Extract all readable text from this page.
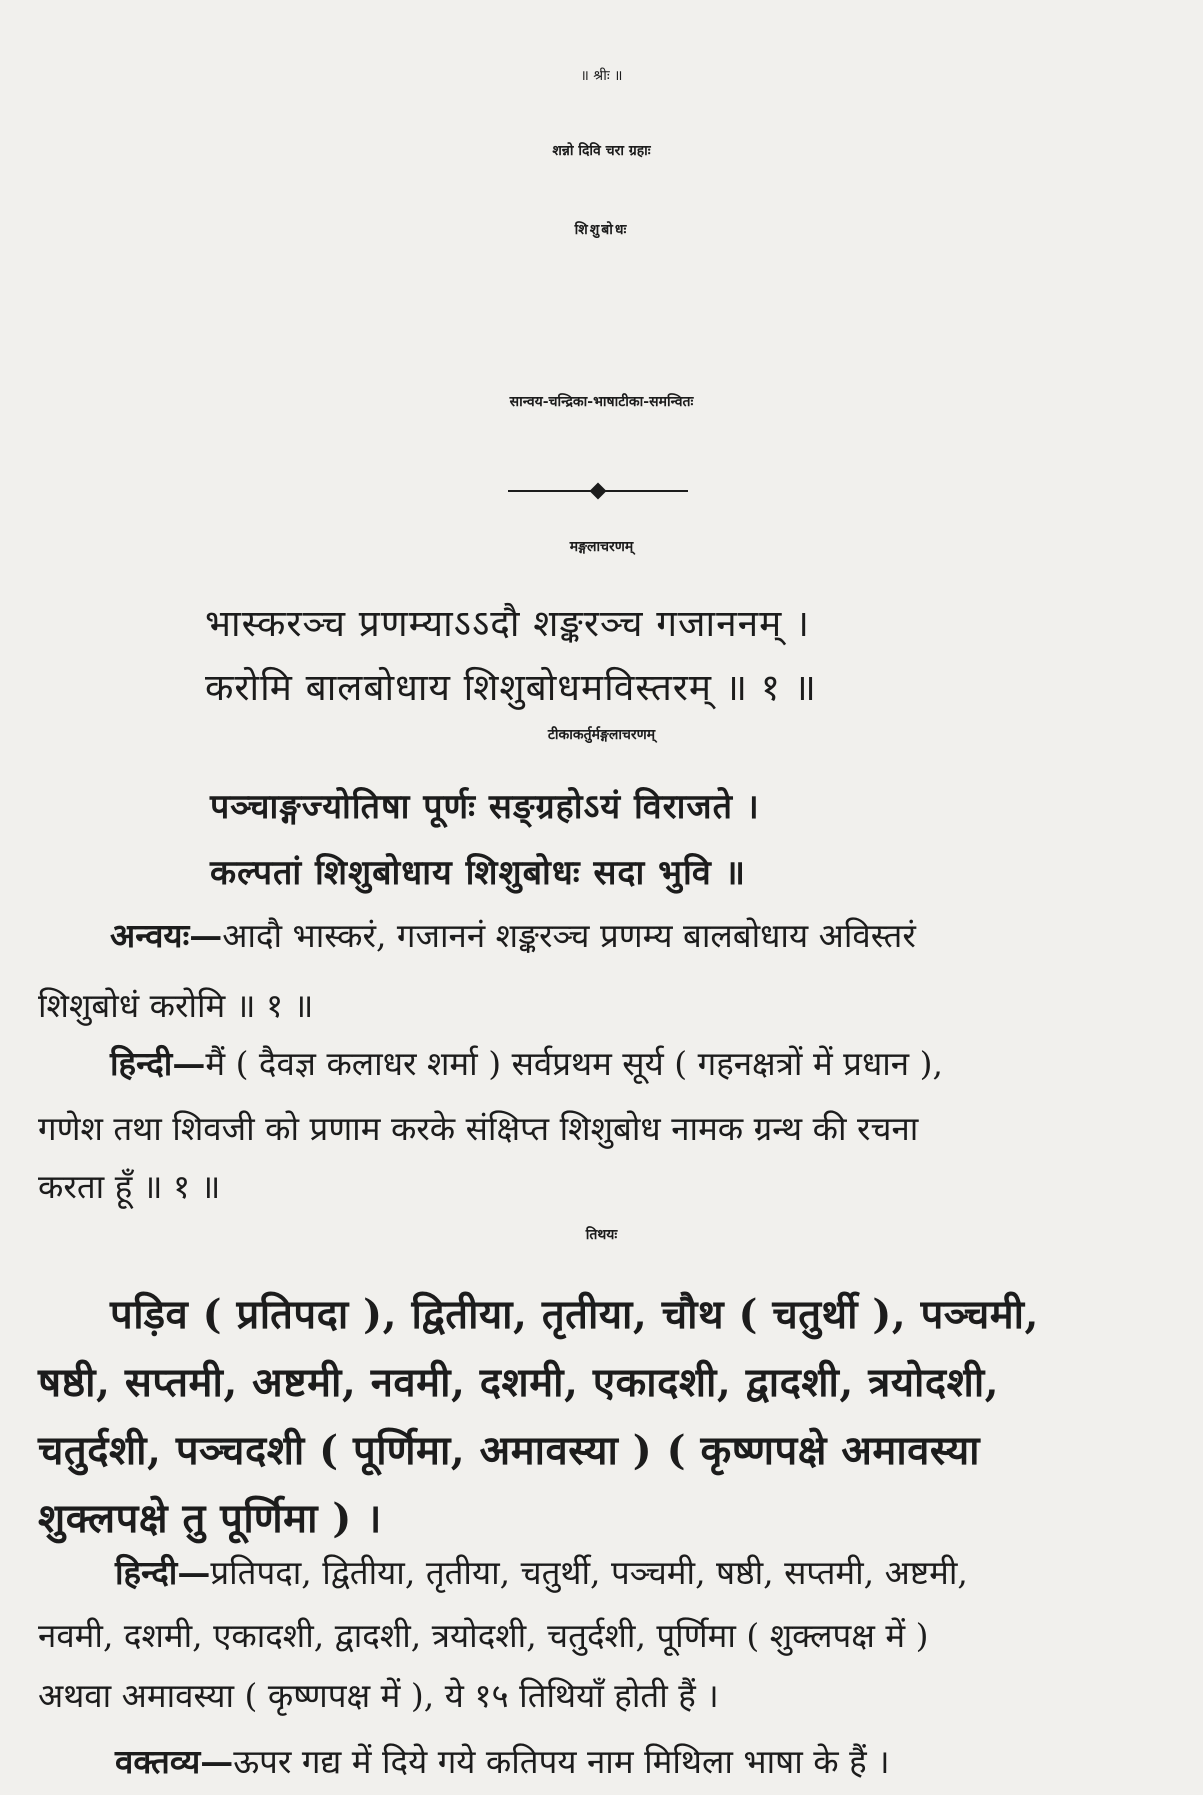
॥ श्रीः ॥
शन्नो दिवि चरा ग्रहाः
शिशुबोधः
सान्वय-चन्द्रिका-भाषाटीका-समन्वितः
मङ्गलाचरणम्
भास्करञ्च प्रणम्याऽऽदौ शङ्करञ्च गजाननम् ।
करोमि बालबोधाय शिशुबोधमविस्तरम् ॥ १ ॥
टीकाकर्तुर्मङ्गलाचरणम्
पञ्चाङ्गज्योतिषा पूर्णः सङ्ग्रहोऽयं विराजते ।
कल्पतां शिशुबोधाय शिशुबोधः सदा भुवि ॥
अन्वयः—आदौ भास्करं, गजाननं शङ्करञ्च प्रणम्य बालबोधाय अविस्तरं
शिशुबोधं करोमि ॥ १ ॥
हिन्दी—मैं ( दैवज्ञ कलाधर शर्मा ) सर्वप्रथम सूर्य ( गहनक्षत्रों में प्रधान ),
गणेश तथा शिवजी को प्रणाम करके संक्षिप्त शिशुबोध नामक ग्रन्थ की रचना
करता हूँ ॥ १ ॥
तिथयः
पड़िव ( प्रतिपदा ), द्वितीया, तृतीया, चौथ ( चतुर्थी ), पञ्चमी,
षष्ठी, सप्तमी, अष्टमी, नवमी, दशमी, एकादशी, द्वादशी, त्रयोदशी,
चतुर्दशी, पञ्चदशी ( पूर्णिमा, अमावस्या ) ( कृष्णपक्षे अमावस्या
शुक्लपक्षे तु पूर्णिमा ) ।
हिन्दी—प्रतिपदा, द्वितीया, तृतीया, चतुर्थी, पञ्चमी, षष्ठी, सप्तमी, अष्टमी,
नवमी, दशमी, एकादशी, द्वादशी, त्रयोदशी, चतुर्दशी, पूर्णिमा ( शुक्लपक्ष में )
अथवा अमावस्या ( कृष्णपक्ष में ), ये १५ तिथियाँ होती हैं ।
वक्तव्य—ऊपर गद्य में दिये गये कतिपय नाम मिथिला भाषा के हैं ।
